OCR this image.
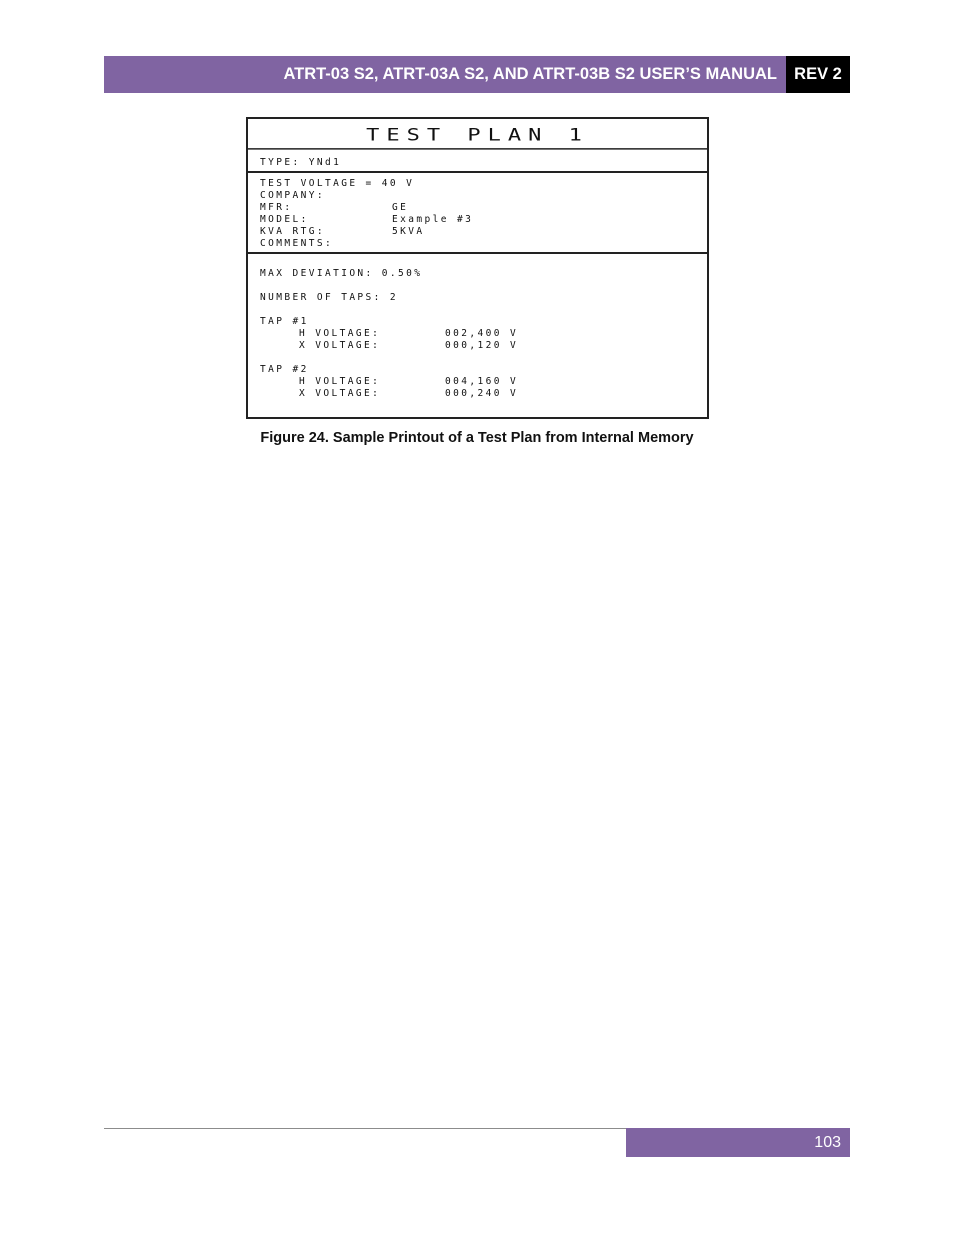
ATRT-03 S2, ATRT-03A S2, AND ATRT-03B S2 USER’S MANUAL	REV 2
TEST PLAN 1
TYPE: YNd1
TEST VOLTAGE = 40 V
COMPANY:
MFR:	GE
MODEL:	Example #3
KVA RTG:	5KVA
COMMENTS:
MAX DEVIATION: 0.50%
NUMBER OF TAPS: 2
TAP #1
H VOLTAGE:	002,400 V
X VOLTAGE:	000,120 V
TAP #2
H VOLTAGE:	004,160 V
X VOLTAGE:	000,240 V
Figure 24. Sample Printout of a Test Plan from Internal Memory
103
